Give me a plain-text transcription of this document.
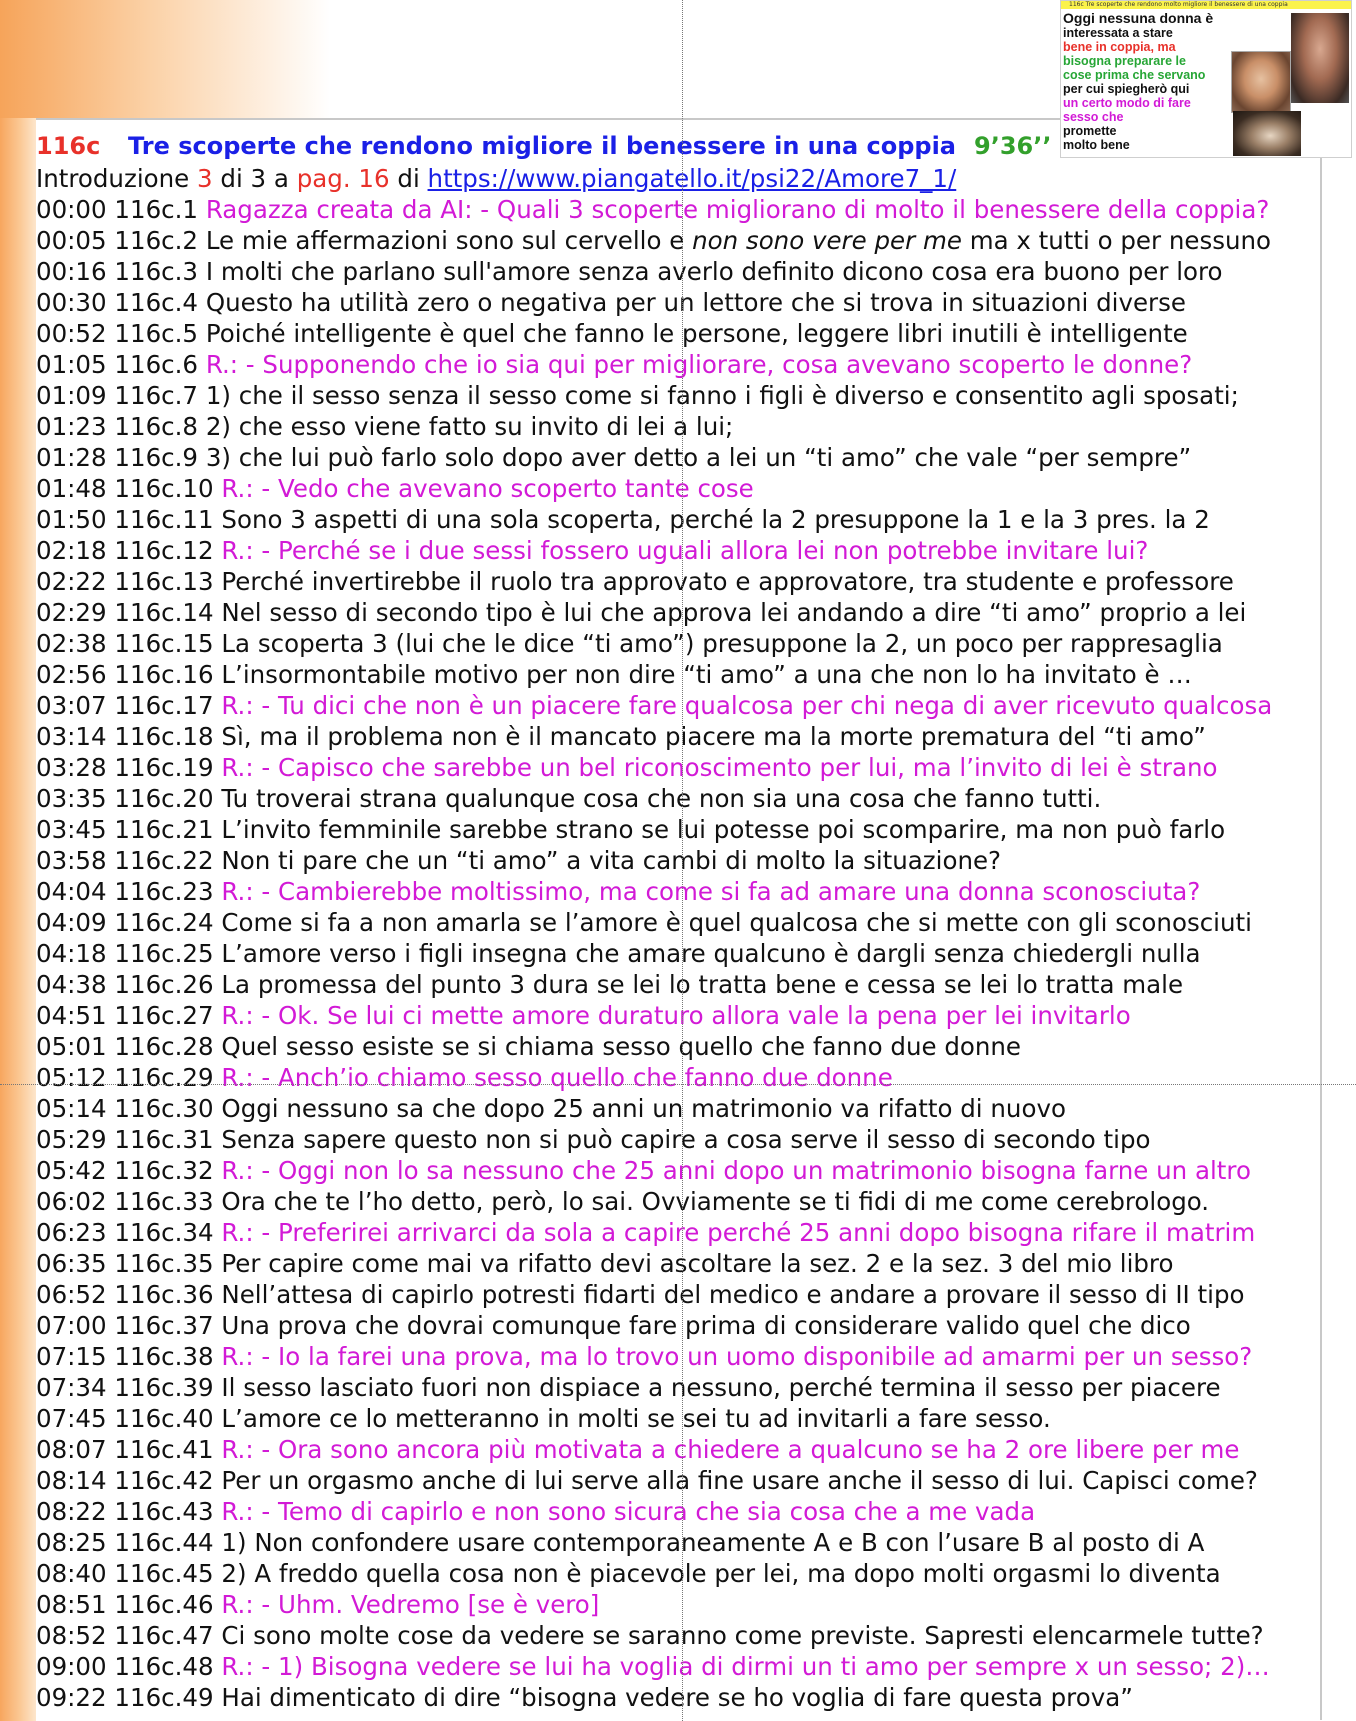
116c Tre scoperte che rendono molto migliore il benessere di una coppia
Oggi nessuna donna è
interessata a stare
bene in coppia, ma
bisogna preparare le
cose prima che servano
per cui spiegherò qui
un certo modo di fare
sesso che
promette
molto bene
116c Tre scoperte che rendono migliore il benessere in una coppia 9’36’’
Introduzione 3 di 3 a pag. 16 di https://www.piangatello.it/psi22/Amore7_1/
00:00 116c.1 Ragazza creata da AI: - Quali 3 scoperte migliorano di molto il benessere della coppia?
00:05 116c.2 Le mie affermazioni sono sul cervello e non sono vere per me ma x tutti o per nessuno
00:16 116c.3 I molti che parlano sull'amore senza averlo definito dicono cosa era buono per loro
00:30 116c.4 Questo ha utilità zero o negativa per un lettore che si trova in situazioni diverse
00:52 116c.5 Poiché intelligente è quel che fanno le persone, leggere libri inutili è intelligente
01:05 116c.6 R.: - Supponendo che io sia qui per migliorare, cosa avevano scoperto le donne?
01:09 116c.7 1) che il sesso senza il sesso come si fanno i figli è diverso e consentito agli sposati;
01:23 116c.8 2) che esso viene fatto su invito di lei a lui;
01:28 116c.9 3) che lui può farlo solo dopo aver detto a lei un “ti amo” che vale “per sempre”
01:48 116c.10 R.: - Vedo che avevano scoperto tante cose
01:50 116c.11 Sono 3 aspetti di una sola scoperta, perché la 2 presuppone la 1 e la 3 pres. la 2
02:18 116c.12 R.: - Perché se i due sessi fossero uguali allora lei non potrebbe invitare lui?
02:22 116c.13 Perché invertirebbe il ruolo tra approvato e approvatore, tra studente e professore
02:29 116c.14 Nel sesso di secondo tipo è lui che approva lei andando a dire “ti amo” proprio a lei
02:38 116c.15 La scoperta 3 (lui che le dice “ti amo”) presuppone la 2, un poco per rappresaglia
02:56 116c.16 L’insormontabile motivo per non dire “ti amo” a una che non lo ha invitato è …
03:07 116c.17 R.: - Tu dici che non è un piacere fare qualcosa per chi nega di aver ricevuto qualcosa
03:14 116c.18 Sì, ma il problema non è il mancato piacere ma la morte prematura del “ti amo”
03:28 116c.19 R.: - Capisco che sarebbe un bel riconoscimento per lui, ma l’invito di lei è strano
03:35 116c.20 Tu troverai strana qualunque cosa che non sia una cosa che fanno tutti.
03:45 116c.21 L’invito femminile sarebbe strano se lui potesse poi scomparire, ma non può farlo
03:58 116c.22 Non ti pare che un “ti amo” a vita cambi di molto la situazione?
04:04 116c.23 R.: - Cambierebbe moltissimo, ma come si fa ad amare una donna sconosciuta?
04:09 116c.24 Come si fa a non amarla se l’amore è quel qualcosa che si mette con gli sconosciuti
04:18 116c.25 L’amore verso i figli insegna che amare qualcuno è dargli senza chiedergli nulla
04:38 116c.26 La promessa del punto 3 dura se lei lo tratta bene e cessa se lei lo tratta male
04:51 116c.27 R.: - Ok. Se lui ci mette amore duraturo allora vale la pena per lei invitarlo
05:01 116c.28 Quel sesso esiste se si chiama sesso quello che fanno due donne
05:12 116c.29 R.: - Anch’io chiamo sesso quello che fanno due donne
05:14 116c.30 Oggi nessuno sa che dopo 25 anni un matrimonio va rifatto di nuovo
05:29 116c.31 Senza sapere questo non si può capire a cosa serve il sesso di secondo tipo
05:42 116c.32 R.: - Oggi non lo sa nessuno che 25 anni dopo un matrimonio bisogna farne un altro
06:02 116c.33 Ora che te l’ho detto, però, lo sai. Ovviamente se ti fidi di me come cerebrologo.
06:23 116c.34 R.: - Preferirei arrivarci da sola a capire perché 25 anni dopo bisogna rifare il matrim
06:35 116c.35 Per capire come mai va rifatto devi ascoltare la sez. 2 e la sez. 3 del mio libro
06:52 116c.36 Nell’attesa di capirlo potresti fidarti del medico e andare a provare il sesso di II tipo
07:00 116c.37 Una prova che dovrai comunque fare prima di considerare valido quel che dico
07:15 116c.38 R.: - Io la farei una prova, ma lo trovo un uomo disponibile ad amarmi per un sesso?
07:34 116c.39 Il sesso lasciato fuori non dispiace a nessuno, perché termina il sesso per piacere
07:45 116c.40 L’amore ce lo metteranno in molti se sei tu ad invitarli a fare sesso.
08:07 116c.41 R.: - Ora sono ancora più motivata a chiedere a qualcuno se ha 2 ore libere per me
08:14 116c.42 Per un orgasmo anche di lui serve alla fine usare anche il sesso di lui. Capisci come?
08:22 116c.43 R.: - Temo di capirlo e non sono sicura che sia cosa che a me vada
08:25 116c.44 1) Non confondere usare contemporaneamente A e B con l’usare B al posto di A
08:40 116c.45 2) A freddo quella cosa non è piacevole per lei, ma dopo molti orgasmi lo diventa
08:51 116c.46 R.: - Uhm. Vedremo [se è vero]
08:52 116c.47 Ci sono molte cose da vedere se saranno come previste. Sapresti elencarmele tutte?
09:00 116c.48 R.: - 1) Bisogna vedere se lui ha voglia di dirmi un ti amo per sempre x un sesso; 2)…
09:22 116c.49 Hai dimenticato di dire “bisogna vedere se ho voglia di fare questa prova”
